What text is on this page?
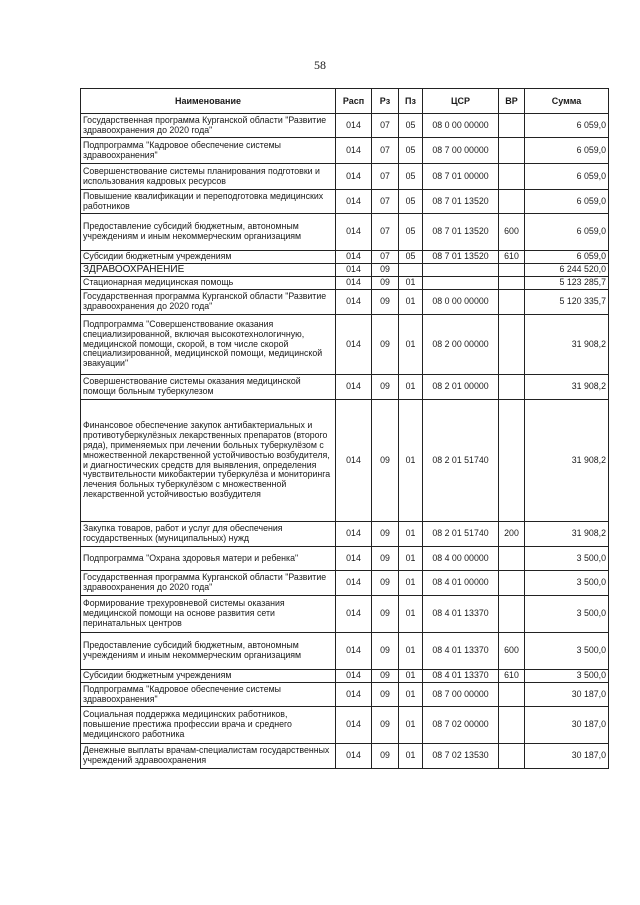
58
Наименование	Расп	Рз	Пз	ЦСР	ВР	Сумма
Государственная программа Курганской области "Развитие здравоохранения до 2020 года"	014	07	05	08 0 00 00000		6 059,0
Подпрограмма "Кадровое обеспечение системы здравоохранения"	014	07	05	08 7 00 00000		6 059,0
Совершенствование системы планирования подготовки и использования кадровых ресурсов	014	07	05	08 7 01 00000		6 059,0
Повышение квалификации и переподготовка медицинских работников	014	07	05	08 7 01 13520		6 059,0
Предоставление субсидий бюджетным, автономным учреждениям и иным некоммерческим организациям	014	07	05	08 7 01 13520	600	6 059,0
Субсидии бюджетным учреждениям	014	07	05	08 7 01 13520	610	6 059,0
ЗДРАВООХРАНЕНИЕ	014	09				6 244 520,0
Стационарная медицинская помощь	014	09	01			5 123 285,7
Государственная программа Курганской области "Развитие здравоохранения до 2020 года"	014	09	01	08 0 00 00000		5 120 335,7
Подпрограмма "Совершенствование оказания специализированной, включая высокотехнологичную, медицинской помощи, скорой, в том числе скорой специализированной, медицинской помощи, медицинской эвакуации"	014	09	01	08 2 00 00000		31 908,2
Совершенствование системы оказания медицинской помощи больным туберкулезом	014	09	01	08 2 01 00000		31 908,2
Финансовое обеспечение закупок антибактериальных и противотуберкулёзных лекарственных препаратов (второго ряда), применяемых при лечении больных туберкулёзом с множественной лекарственной устойчивостью возбудителя, и диагностических средств для выявления, определения чувствительности микобактерии туберкулёза и мониторинга лечения больных туберкулёзом с множественной лекарственной устойчивостью возбудителя	014	09	01	08 2 01 51740		31 908,2
Закупка товаров, работ и услуг для обеспечения государственных (муниципальных) нужд	014	09	01	08 2 01 51740	200	31 908,2
Подпрограмма "Охрана здоровья матери и ребенка"	014	09	01	08 4 00 00000		3 500,0
Государственная программа Курганской области "Развитие здравоохранения до 2020 года"	014	09	01	08 4 01 00000		3 500,0
Формирование трехуровневой системы оказания медицинской помощи на основе развития сети перинатальных центров	014	09	01	08 4 01 13370		3 500,0
Предоставление субсидий бюджетным, автономным учреждениям и иным некоммерческим организациям	014	09	01	08 4 01 13370	600	3 500,0
Субсидии бюджетным учреждениям	014	09	01	08 4 01 13370	610	3 500,0
Подпрограмма "Кадровое обеспечение системы здравоохранения"	014	09	01	08 7 00 00000		30 187,0
Социальная поддержка медицинских работников, повышение престижа профессии врача и среднего медицинского работника	014	09	01	08 7 02 00000		30 187,0
Денежные выплаты врачам-специалистам государственных учреждений здравоохранения	014	09	01	08 7 02 13530		30 187,0
